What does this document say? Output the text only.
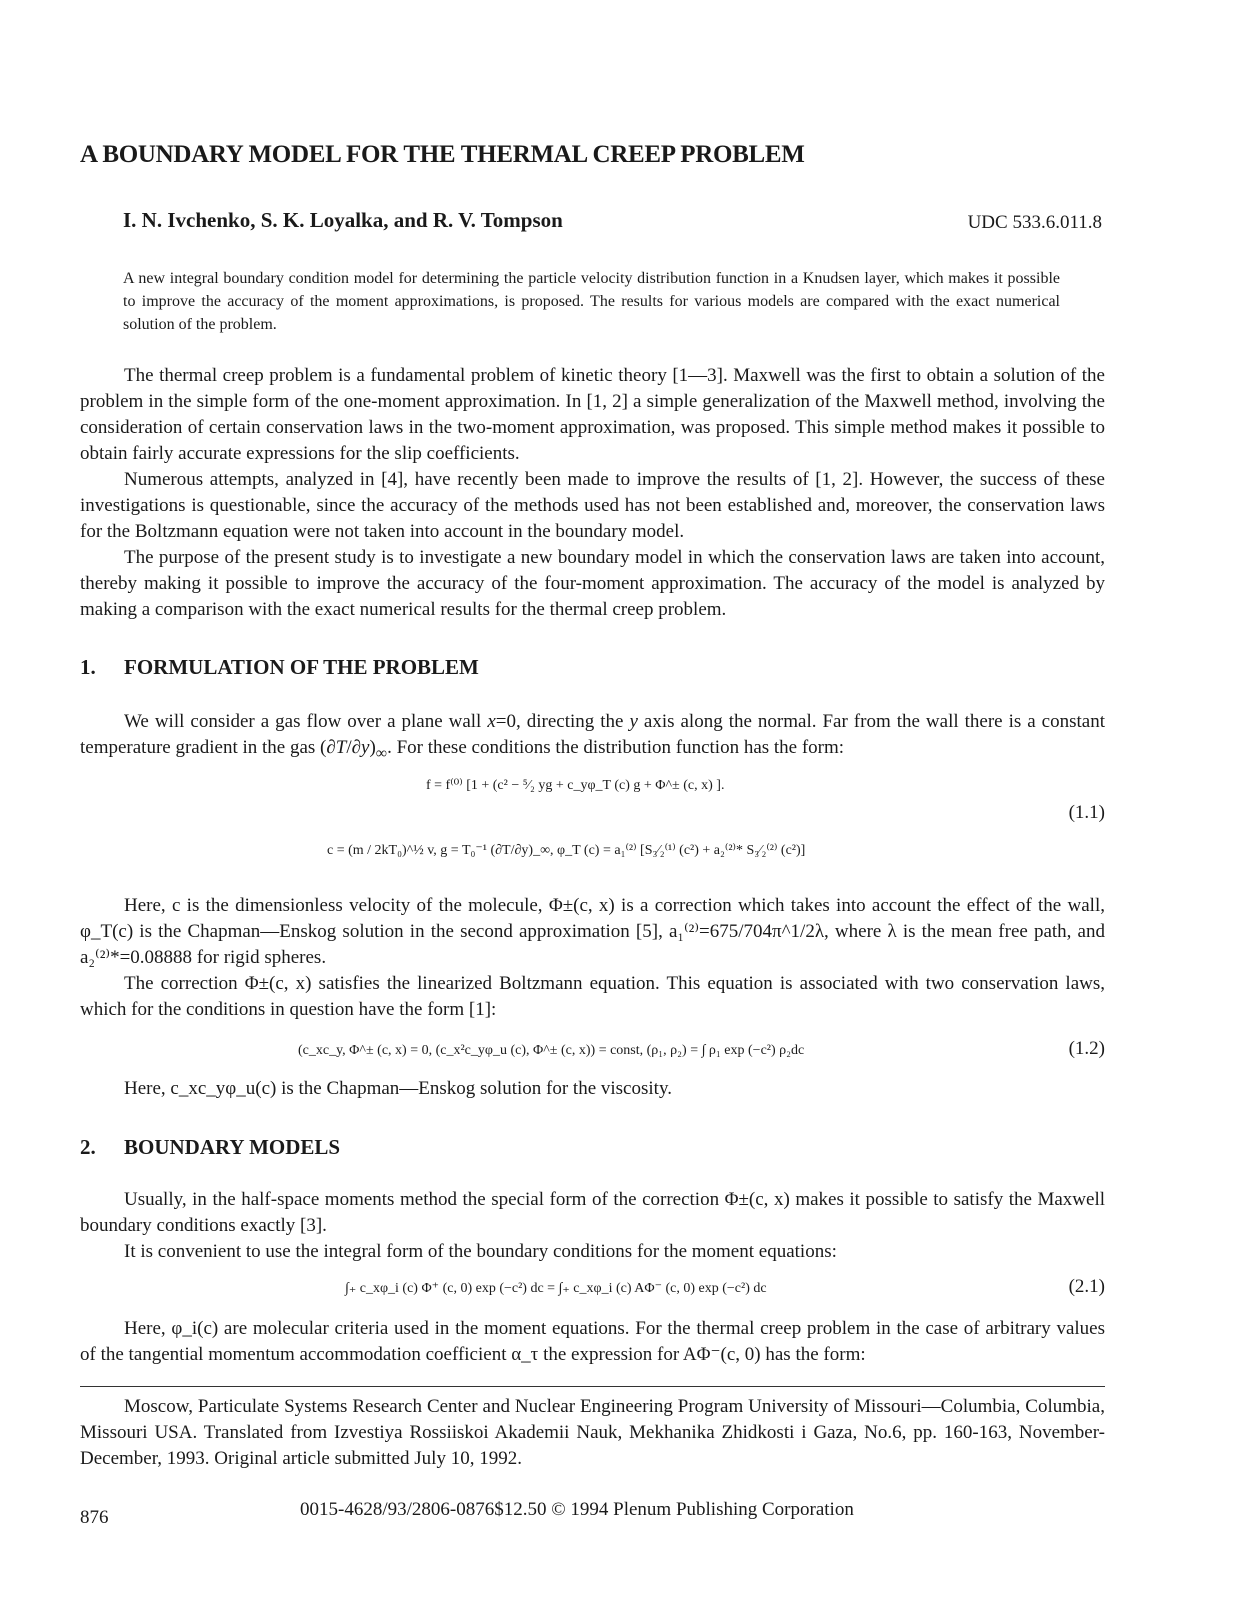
A BOUNDARY MODEL FOR THE THERMAL CREEP PROBLEM
I. N. Ivchenko, S. K. Loyalka, and R. V. Tompson	UDC 533.6.011.8
A new integral boundary condition model for determining the particle velocity distribution function in a Knudsen layer, which makes it possible to improve the accuracy of the moment approximations, is proposed. The results for various models are compared with the exact numerical solution of the problem.

The thermal creep problem is a fundamental problem of kinetic theory [1—3]. Maxwell was the first to obtain a solution of the problem in the simple form of the one-moment approximation. In [1, 2] a simple generalization of the Maxwell method, involving the consideration of certain conservation laws in the two-moment approximation, was proposed. This simple method makes it possible to obtain fairly accurate expressions for the slip coefficients.

Numerous attempts, analyzed in [4], have recently been made to improve the results of [1, 2]. However, the success of these investigations is questionable, since the accuracy of the methods used has not been established and, moreover, the conservation laws for the Boltzmann equation were not taken into account in the boundary model.

The purpose of the present study is to investigate a new boundary model in which the conservation laws are taken into account, thereby making it possible to improve the accuracy of the four-moment approximation. The accuracy of the model is analyzed by making a comparison with the exact numerical results for the thermal creep problem.

1. FORMULATION OF THE PROBLEM

We will consider a gas flow over a plane wall x=0, directing the y axis along the normal. Far from the wall there is a constant temperature gradient in the gas $(\partial T/\partial y)_\infty$. For these conditions the distribution function has the form:

f = f⁽⁰⁾ [1 + (c² − ⁵⁄₂ yg + c_yφ_T (c) g + Φ^± (c, x) ].
(1.1)
c = (m / 2kT₀)^½ v, g = T₀⁻¹ (∂T/∂y)_∞, φ_T (c) = a₁⁽²⁾ [S₃⁄₂⁽¹⁾ (c²) + a₂⁽²⁾* S₃⁄₂⁽²⁾ (c²)]

Here, c is the dimensionless velocity of the molecule, Φ±(c, x) is a correction which takes into account the effect of the wall, φ_T(c) is the Chapman—Enskog solution in the second approximation [5], a₁⁽²⁾=675/704π^1/2λ, where λ is the mean free path, and a₂⁽²⁾*=0.08888 for rigid spheres.

The correction Φ±(c, x) satisfies the linearized Boltzmann equation. This equation is associated with two conservation laws, which for the conditions in question have the form [1]:

(c_xc_y, Φ^± (c, x) = 0, (c_x²c_yφ_u (c), Φ^± (c, x)) = const, (ρ₁, ρ₂) = ∫ ρ₁ exp (−c²) ρ₂dc	(1.2)

Here, c_xc_yφ_u(c) is the Chapman—Enskog solution for the viscosity.

2. BOUNDARY MODELS

Usually, in the half-space moments method the special form of the correction Φ±(c, x) makes it possible to satisfy the Maxwell boundary conditions exactly [3].

It is convenient to use the integral form of the boundary conditions for the moment equations:

∫₊ c_xφ_i (c) Φ⁺ (c, 0) exp (−c²) dc = ∫₊ c_xφ_i (c) AΦ⁻ (c, 0) exp (−c²) dc	(2.1)

Here, φ_i(c) are molecular criteria used in the moment equations. For the thermal creep problem in the case of arbitrary values of the tangential momentum accommodation coefficient α_τ the expression for AΦ⁻(c, 0) has the form:

Moscow, Particulate Systems Research Center and Nuclear Engineering Program University of Missouri—Columbia, Columbia, Missouri USA. Translated from Izvestiya Rossiiskoi Akademii Nauk, Mekhanika Zhidkosti i Gaza, No.6, pp. 160-163, November-December, 1993. Original article submitted July 10, 1992.

876	0015-4628/93/2806-0876$12.50 © 1994 Plenum Publishing Corporation
